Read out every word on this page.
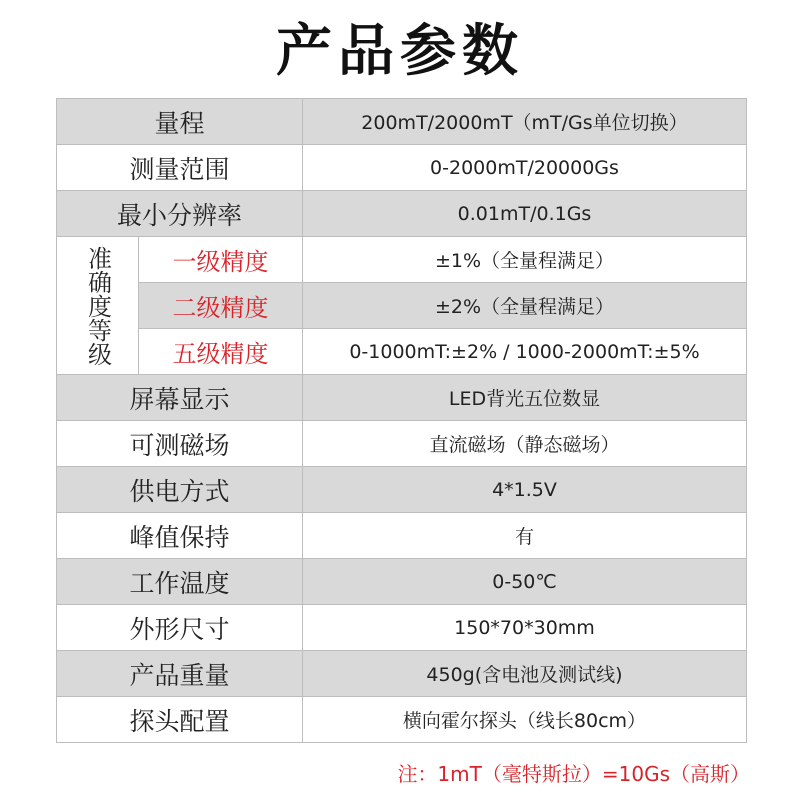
产品参数
量程	200mT/2000mT（mT/Gs单位切换）
测量范围	0-2000mT/20000Gs
最小分辨率	0.01mT/0.1Gs
准确度等级	一级精度	±1%（全量程满足）
二级精度	±2%（全量程满足）
五级精度	0-1000mT:±2% / 1000-2000mT:±5%
屏幕显示	LED背光五位数显
可测磁场	直流磁场（静态磁场）
供电方式	4*1.5V
峰值保持	有
工作温度	0-50℃
外形尺寸	150*70*30mm
产品重量	450g(含电池及测试线)
探头配置	横向霍尔探头（线长80cm）
注：1mT（毫特斯拉）=10Gs（高斯）
